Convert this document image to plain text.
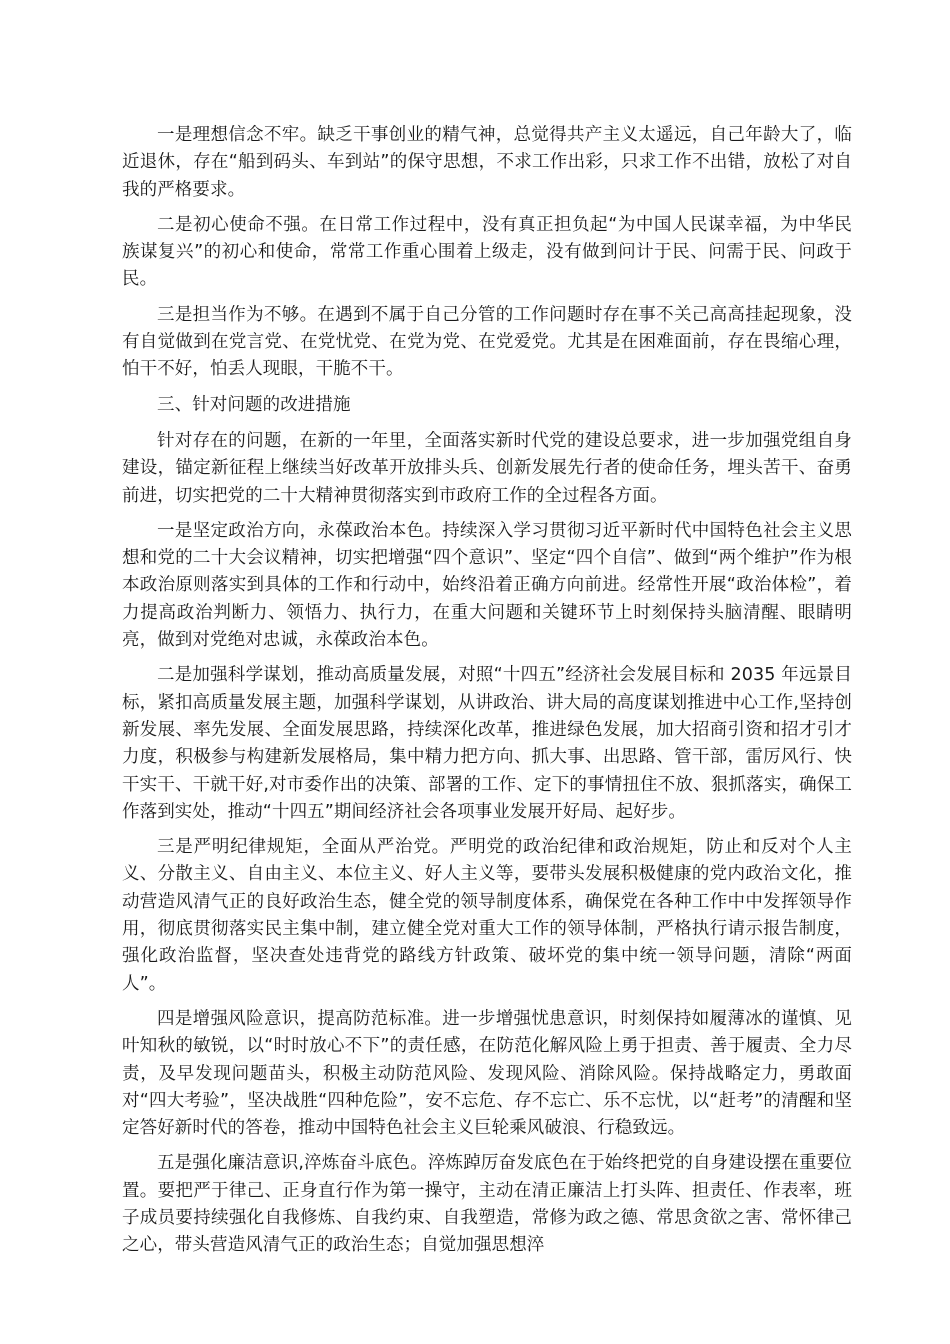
一是理想信念不牢。缺乏干事创业的精气神，总觉得共产主义太遥远，自己年龄大了，临近退休，存在“船到码头、车到站”的保守思想，不求工作出彩，只求工作不出错，放松了对自我的严格要求。

二是初心使命不强。在日常工作过程中，没有真正担负起“为中国人民谋幸福，为中华民族谋复兴”的初心和使命，常常工作重心围着上级走，没有做到问计于民、问需于民、问政于民。

三是担当作为不够。在遇到不属于自己分管的工作问题时存在事不关己高高挂起现象，没有自觉做到在党言党、在党忧党、在党为党、在党爱党。尤其是在困难面前，存在畏缩心理，怕干不好，怕丢人现眼，干脆不干。

三、针对问题的改进措施

针对存在的问题，在新的一年里，全面落实新时代党的建设总要求，进一步加强党组自身建设，锚定新征程上继续当好改革开放排头兵、创新发展先行者的使命任务，埋头苦干、奋勇前进，切实把党的二十大精神贯彻落实到市政府工作的全过程各方面。

一是坚定政治方向，永葆政治本色。持续深入学习贯彻习近平新时代中国特色社会主义思想和党的二十大会议精神，切实把增强“四个意识”、坚定“四个自信”、做到“两个维护”作为根本政治原则落实到具体的工作和行动中，始终沿着正确方向前进。经常性开展“政治体检”，着力提高政治判断力、领悟力、执行力，在重大问题和关键环节上时刻保持头脑清醒、眼睛明亮，做到对党绝对忠诚，永葆政治本色。

二是加强科学谋划，推动高质量发展，对照“十四五”经济社会发展目标和 2035 年远景目标，紧扣高质量发展主题，加强科学谋划，从讲政治、讲大局的高度谋划推进中心工作,坚持创新发展、率先发展、全面发展思路，持续深化改革，推进绿色发展，加大招商引资和招才引才力度，积极参与构建新发展格局，集中精力把方向、抓大事、出思路、管干部，雷厉风行、快干实干、干就干好,对市委作出的决策、部署的工作、定下的事情扭住不放、狠抓落实，确保工作落到实处，推动“十四五”期间经济社会各项事业发展开好局、起好步。

三是严明纪律规矩，全面从严治党。严明党的政治纪律和政治规矩，防止和反对个人主义、分散主义、自由主义、本位主义、好人主义等，要带头发展积极健康的党内政治文化，推动营造风清气正的良好政治生态，健全党的领导制度体系，确保党在各种工作中中发挥领导作用，彻底贯彻落实民主集中制，建立健全党对重大工作的领导体制，严格执行请示报告制度，强化政治监督，坚决查处违背党的路线方针政策、破坏党的集中统一领导问题，清除“两面人”。

四是增强风险意识，提高防范标准。进一步增强忧患意识，时刻保持如履薄冰的谨慎、见叶知秋的敏锐，以“时时放心不下”的责任感，在防范化解风险上勇于担责、善于履责、全力尽责，及早发现问题苗头，积极主动防范风险、发现风险、消除风险。保持战略定力，勇敢面对“四大考验”，坚决战胜“四种危险”，安不忘危、存不忘亡、乐不忘忧，以“赶考”的清醒和坚定答好新时代的答卷，推动中国特色社会主义巨轮乘风破浪、行稳致远。

五是强化廉洁意识,淬炼奋斗底色。淬炼踔厉奋发底色在于始终把党的自身建设摆在重要位置。要把严于律己、正身直行作为第一操守，主动在清正廉洁上打头阵、担责任、作表率，班子成员要持续强化自我修炼、自我约束、自我塑造，常修为政之德、常思贪欲之害、常怀律己之心，带头营造风清气正的政治生态；自觉加强思想淬
